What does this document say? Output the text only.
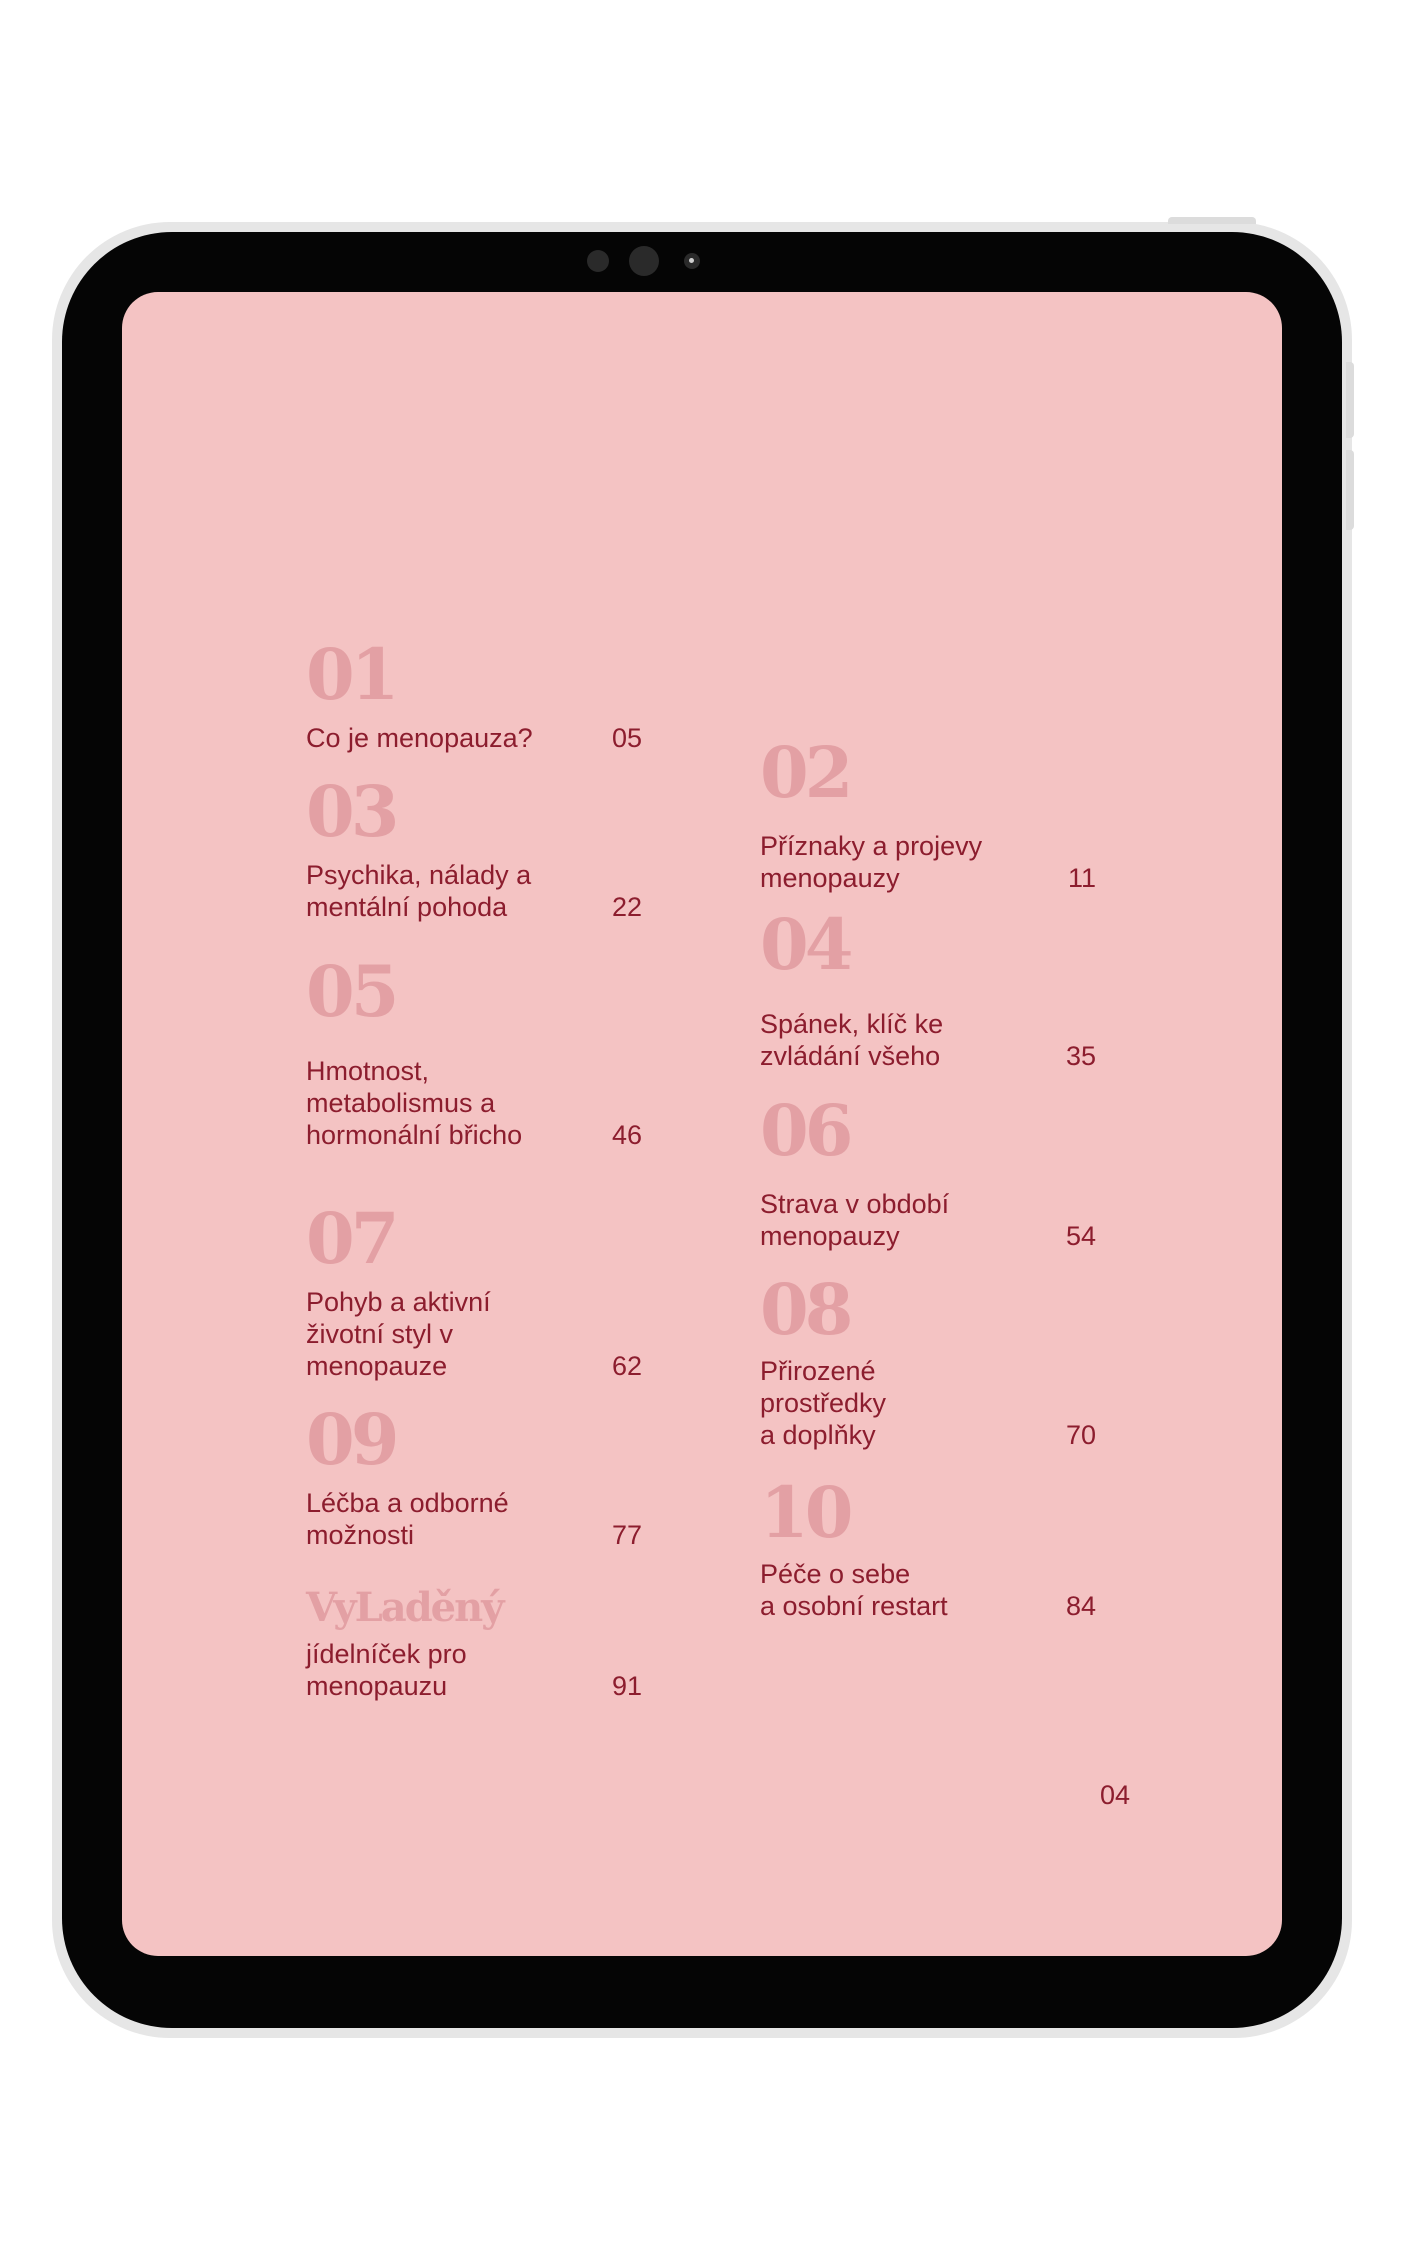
01
Co je menopauza?	05
03
Psychika, nálady a
mentální pohoda	22
05
Hmotnost,
metabolismus a
hormonální břicho	46
07
Pohyb a aktivní
životní styl v
menopauze	62
09
Léčba a odborné
možnosti	77
VyLaděný
jídelníček pro
menopauzu	91
02
Příznaky a projevy
menopauzy	11
04
Spánek, klíč ke
zvládání všeho	35
06
Strava v období
menopauzy	54
08
Přirozené
prostředky
a doplňky	70
10
Péče o sebe
a osobní restart	84
04
